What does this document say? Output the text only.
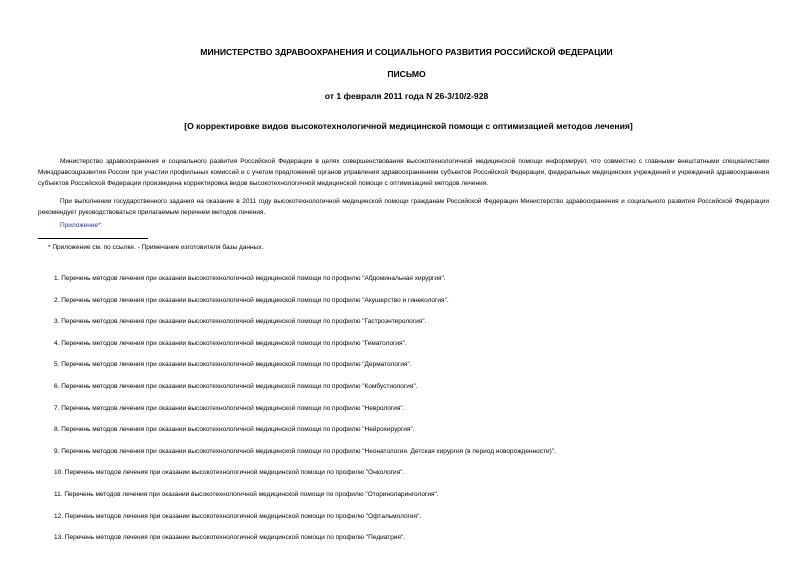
МИНИСТЕРСТВО ЗДРАВООХРАНЕНИЯ И СОЦИАЛЬНОГО РАЗВИТИЯ РОССИЙСКОЙ ФЕДЕРАЦИИ
ПИСЬМО
от 1 февраля 2011 года N 26-3/10/2-928
[О корректировке видов высокотехнологичной медицинской помощи с оптимизацией методов лечения]

Министерство здравоохранения и социального развития Российской Федерации в целях совершенствования высокотехнологичной медицинской помощи информирует, что совместно с главными внештатными специалистами Минздравсоцразвития России при участии профильных комиссий и с учетом предложений органов управления здравоохранением субъектов Российской Федерации, федеральных медицинских учреждений и учреждений здравоохранения субъектов Российской Федерации произведена корректировка видов высокотехнологичной медицинской помощи с оптимизацией методов лечения.

При выполнении государственного задания на оказание в 2011 году высокотехнологичной медицинской помощи гражданам Российской Федерации Министерство здравоохранения и социального развития Российской Федерации рекомендует руководствоваться прилагаемым перечнем методов лечения.

Приложение*:
* Приложение см. по ссылке. - Примечание изготовителя базы данных.
1. Перечень методов лечения при оказании высокотехнологичной медицинской помощи по профилю "Абдоминальная хирургия".
2. Перечень методов лечения при оказании высокотехнологичной медицинской помощи по профилю "Акушерство и гинекология".
3. Перечень методов лечения при оказании высокотехнологичной медицинской помощи по профилю "Гастроэнтерология".
4. Перечень методов лечения при оказании высокотехнологичной медицинской помощи по профилю "Гематология".
5. Перечень методов лечения при оказании высокотехнологичной медицинской помощи по профилю "Дерматология".
6. Перечень методов лечения при оказании высокотехнологичной медицинской помощи по профилю "Комбустиология".
7. Перечень методов лечения при оказании высокотехнологичной медицинской помощи по профилю "Неврология".
8. Перечень методов лечения при оказании высокотехнологичной медицинской помощи по профилю "Нейрохирургия".
9. Перечень методов лечения при оказании высокотехнологичной медицинской помощи по профилю "Неонатология. Детская хирургия (в период новорожденности)".
10. Перечень методов лечения при оказании высокотехнологичной медицинской помощи по профилю "Онкология".
11. Перечень методов лечения при оказании высокотехнологичной медицинской помощи по профилю "Оториноларингология".
12. Перечень методов лечения при оказании высокотехнологичной медицинской помощи по профилю "Офтальмология".
13. Перечень методов лечения при оказании высокотехнологичной медицинской помощи по профилю "Педиатрия".
